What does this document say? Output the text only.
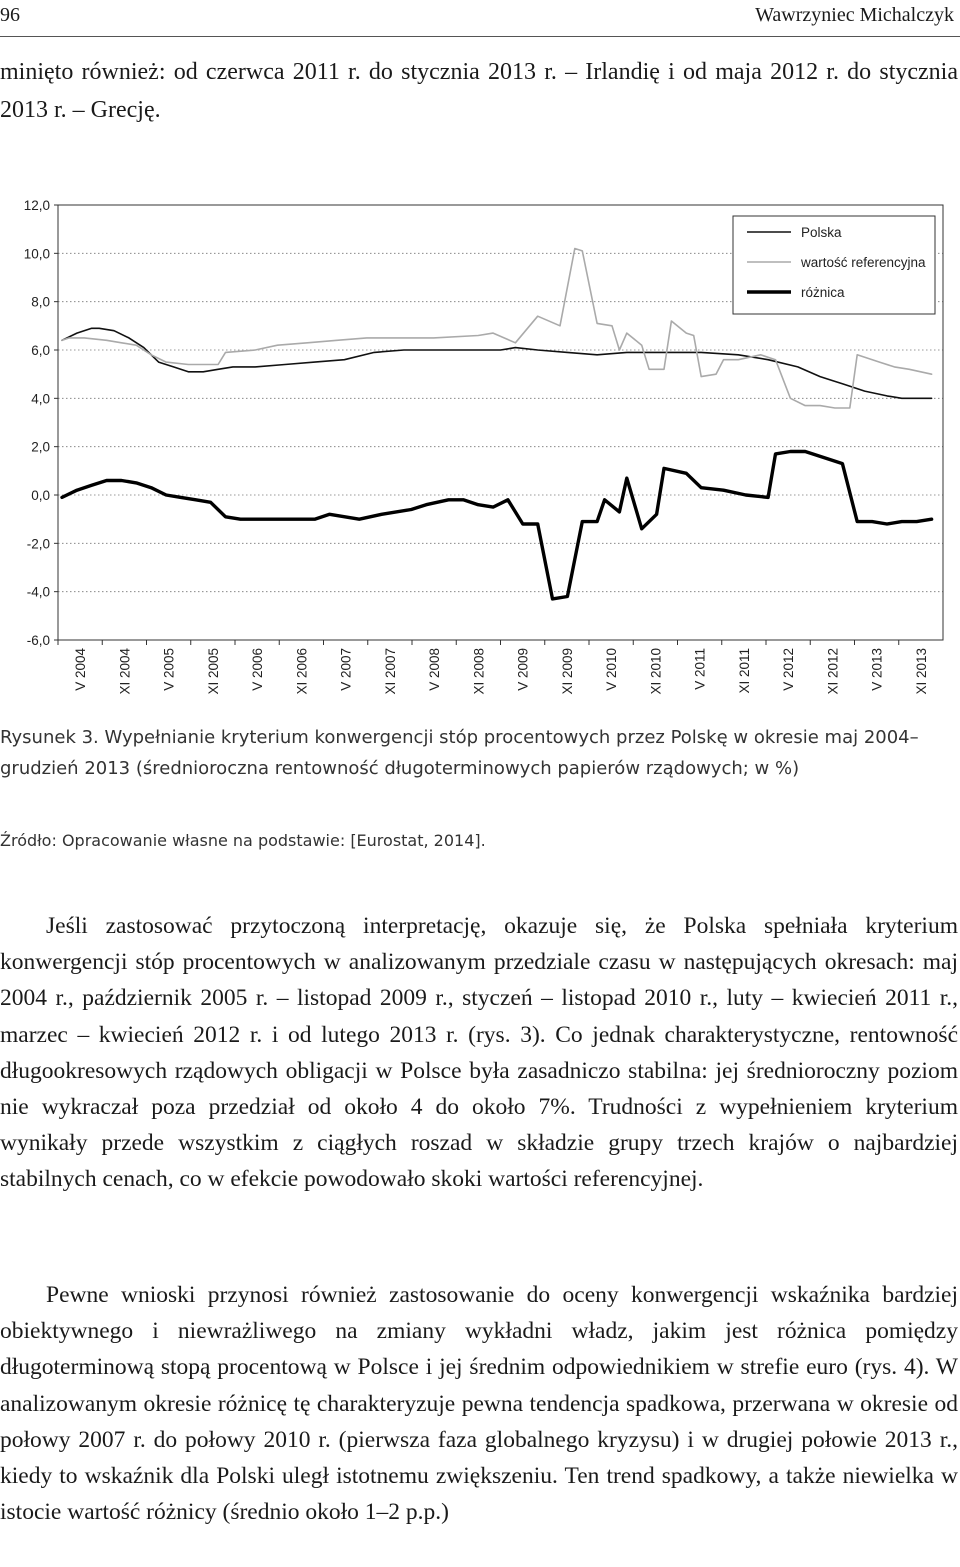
96	Wawrzyniec Michalczyk

minięto również: od czerwca 2011 r. do stycznia 2013 r. – Irlandię i od maja 2012 r. do stycznia 2013 r. – Grecję.

12,0
10,0
8,0
6,0
4,0
2,0
0,0
-2,0
-4,0
-6,0
V 2004 XI 2004 V 2005 XI 2005 V 2006 XI 2006 V 2007 XI 2007 V 2008 XI 2008 V 2009 XI 2009 V 2010 XI 2010 V 2011 XI 2011 V 2012 XI 2012 V 2013 XI 2013
Polska
wartość referencyjna
różnica

Rysunek 3. Wypełnianie kryterium konwergencji stóp procentowych przez Polskę w okresie maj 2004–grudzień 2013 (średnioroczna rentowność długoterminowych papierów rządowych; w %)

Źródło: Opracowanie własne na podstawie: [Eurostat, 2014].

Jeśli zastosować przytoczoną interpretację, okazuje się, że Polska spełniała kryterium konwergencji stóp procentowych w analizowanym przedziale czasu w następujących okresach: maj 2004 r., październik 2005 r. – listopad 2009 r., styczeń – listopad 2010 r., luty – kwiecień 2011 r., marzec – kwiecień 2012 r. i od lutego 2013 r. (rys. 3). Co jednak charakterystyczne, rentowność długookresowych rządowych obligacji w Polsce była zasadniczo stabilna: jej średnioroczny poziom nie wykraczał poza przedział od około 4 do około 7%. Trudności z wypełnieniem kryterium wynikały przede wszystkim z ciągłych roszad w składzie grupy trzech krajów o najbardziej stabilnych cenach, co w efekcie powodowało skoki wartości referencyjnej.

Pewne wnioski przynosi również zastosowanie do oceny konwergencji wskaźnika bardziej obiektywnego i niewrażliwego na zmiany wykładni władz, jakim jest różnica pomiędzy długoterminową stopą procentową w Polsce i jej średnim odpowiednikiem w strefie euro (rys. 4). W analizowanym okresie różnicę tę charakteryzuje pewna tendencja spadkowa, przerwana w okresie od połowy 2007 r. do połowy 2010 r. (pierwsza faza globalnego kryzysu) i w drugiej połowie 2013 r., kiedy to wskaźnik dla Polski uległ istotnemu zwiększeniu. Ten trend spadkowy, a także niewielka w istocie wartość różnicy (średnio około 1–2 p.p.)
